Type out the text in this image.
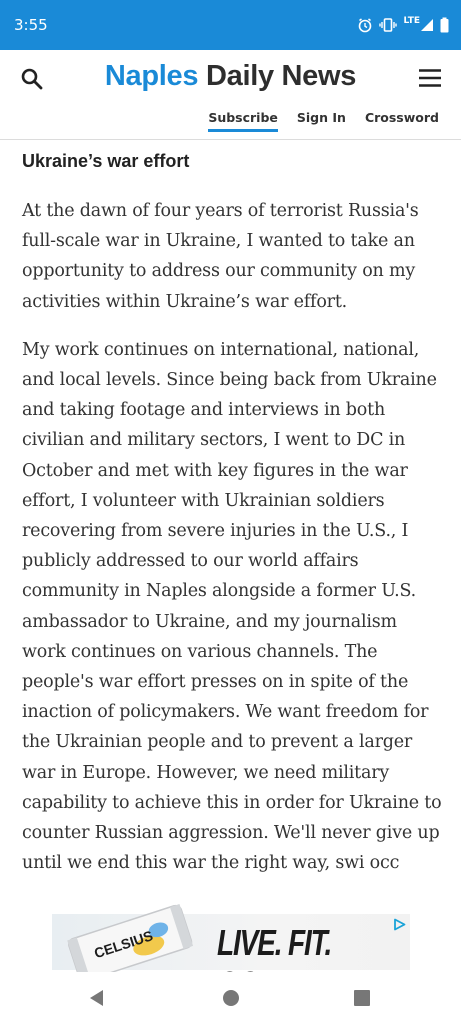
3:55	LTE
Naples Daily News
Subscribe Sign In Crossword
Ukraine’s war effort

At the dawn of four years of terrorist Russia's full-scale war in Ukraine, I wanted to take an opportunity to address our community on my activities within Ukraine’s war effort.

My work continues on international, national, and local levels. Since being back from Ukraine and taking footage and interviews in both civilian and military sectors, I went to DC in October and met with key figures in the war effort, I volunteer with Ukrainian soldiers recovering from severe injuries in the U.S., I publicly addressed to our world affairs community in Naples alongside a former U.S. ambassador to Ukraine, and my journalism work continues on various channels. The people's war effort presses on in spite of the inaction of policymakers. We want freedom for the Ukrainian people and to prevent a larger war in Europe. However, we need military capability to achieve this in order for Ukraine to counter Russian aggression. We'll never give up until we end this war the right way, swi occ

CELSIUS LIVE. FIT.
